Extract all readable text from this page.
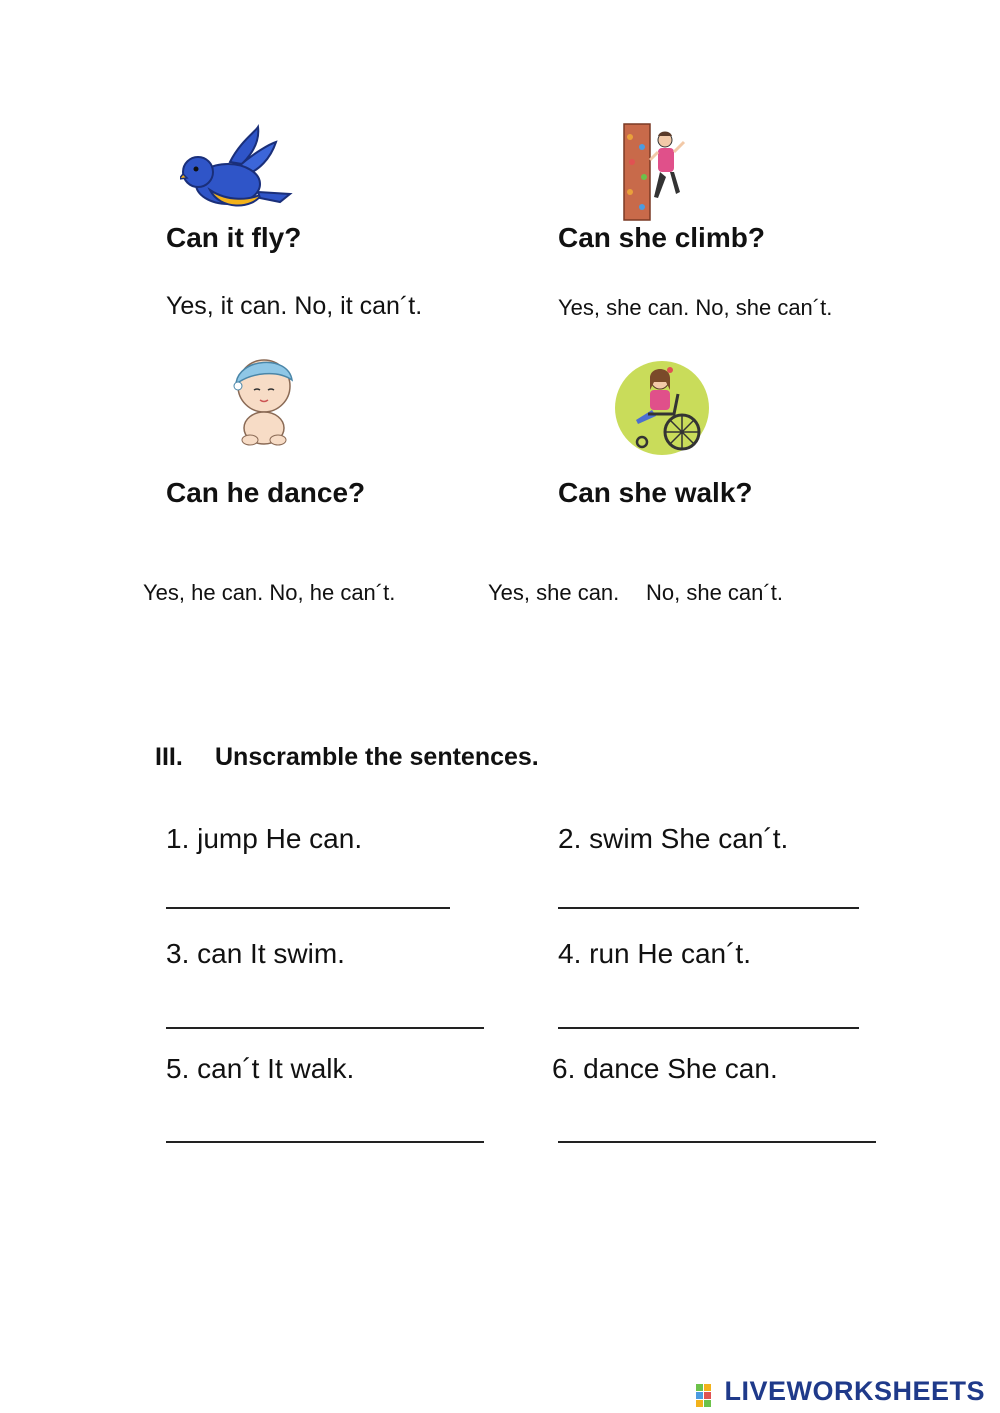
Can it fly?
Yes, it can. No, it can´t.
Can she climb?
Yes, she can. No, she can´t.
Can he dance?
Yes, he can. No, he can´t.
Can she walk?
Yes, she can. No, she can´t.
III. Unscramble the sentences.
1. jump He can.	2. swim She can´t.
3. can It swim.	4. run He can´t.
5. can´t It walk.	6. dance She can.
LIVEWORKSHEETS
